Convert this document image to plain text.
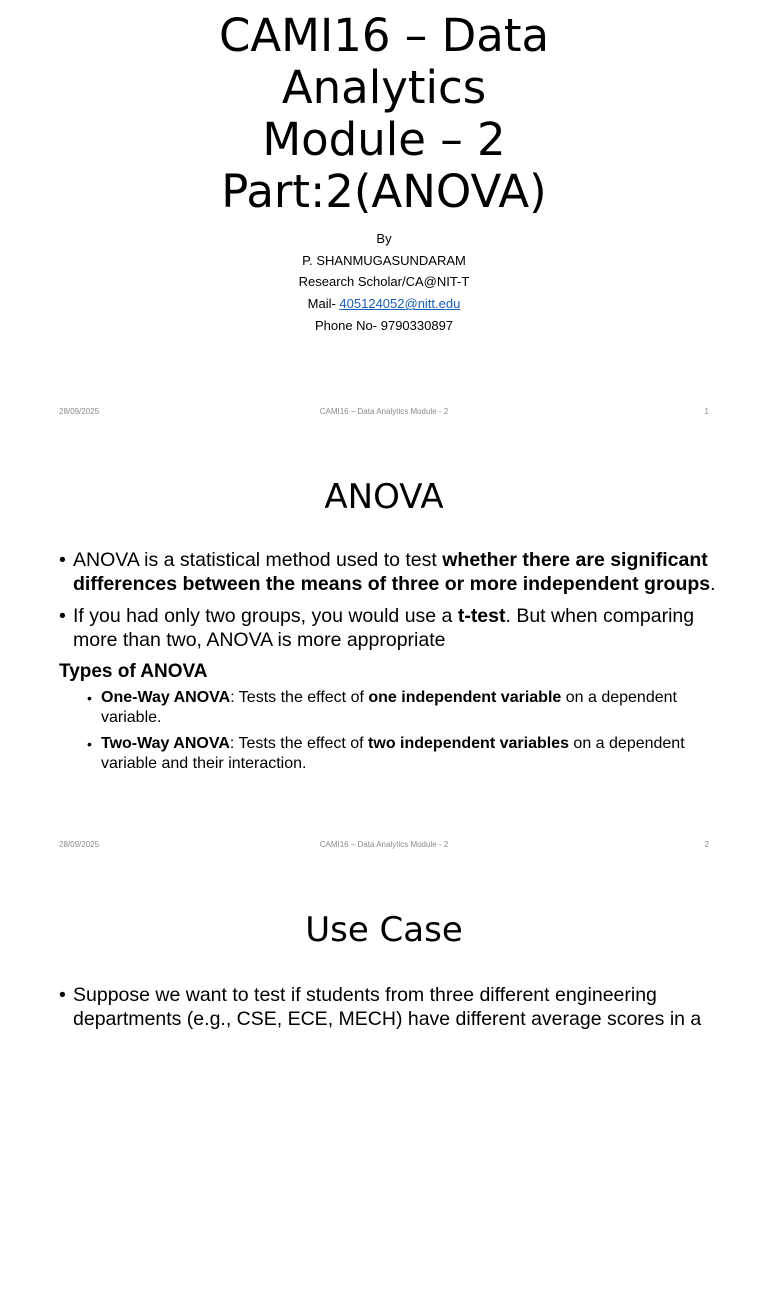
CAMI16 – Data
Analytics
Module – 2
Part:2(ANOVA)
By
P. SHANMUGASUNDARAM
Research Scholar/CA@NIT-T
Mail- 405124052@nitt.edu
Phone No- 9790330897
28/09/2025	CAMI16 – Data Analytics Module - 2	1
ANOVA
• ANOVA is a statistical method used to test whether there are significant differences between the means of three or more independent groups.
• If you had only two groups, you would use a t-test. But when comparing more than two, ANOVA is more appropriate
Types of ANOVA
• One-Way ANOVA: Tests the effect of one independent variable on a dependent variable.
• Two-Way ANOVA: Tests the effect of two independent variables on a dependent variable and their interaction.
28/09/2025	CAMI16 – Data Analytics Module - 2	2
Use Case
• Suppose we want to test if students from three different engineering departments (e.g., CSE, ECE, MECH) have different average scores in a
